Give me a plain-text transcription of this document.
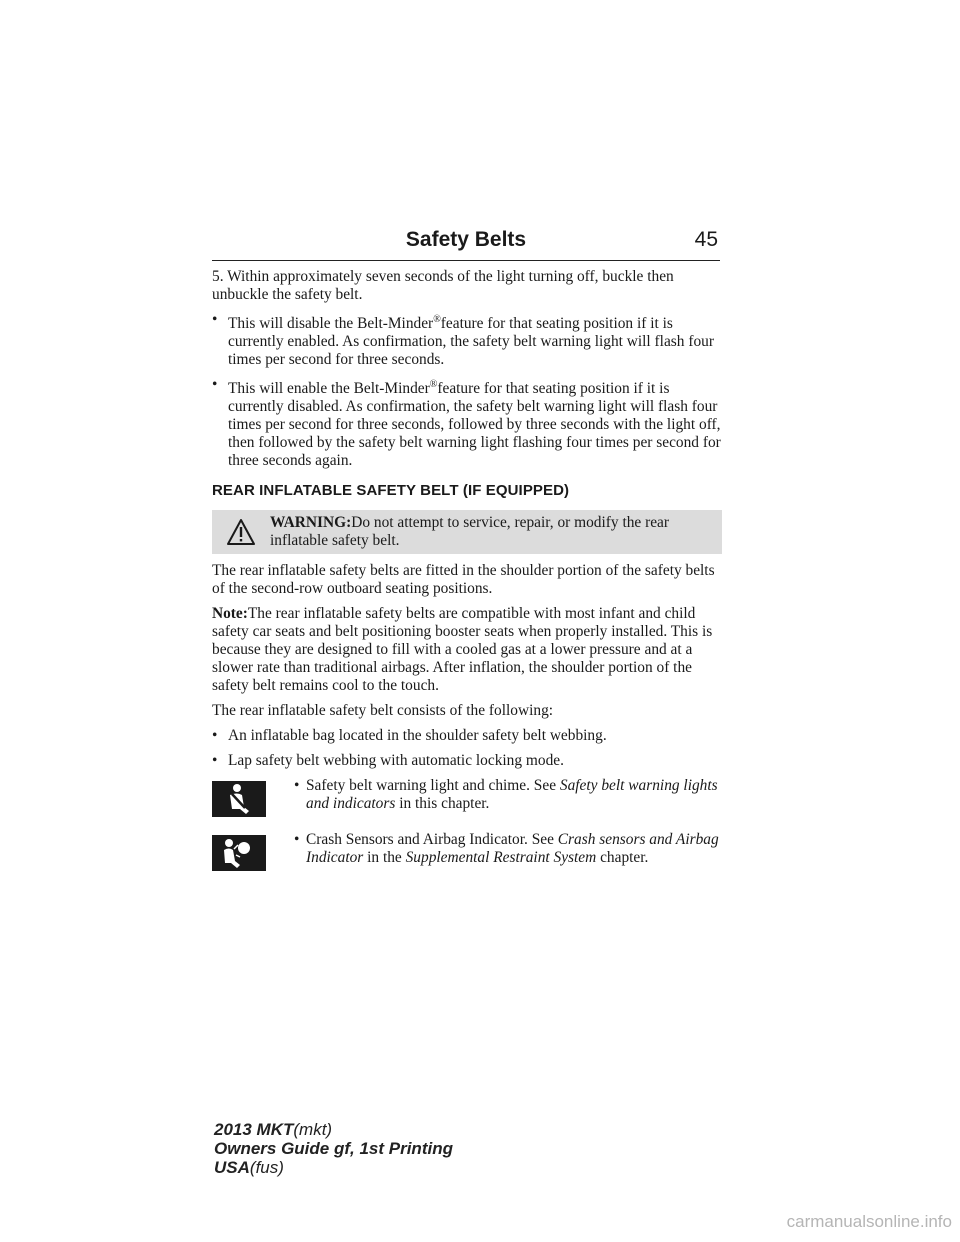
Safety Belts	45

5. Within approximately seven seconds of the light turning off, buckle then unbuckle the safety belt.

• This will disable the Belt-Minder®feature for that seating position if it is currently enabled. As confirmation, the safety belt warning light will flash four times per second for three seconds.
• This will enable the Belt-Minder®feature for that seating position if it is currently disabled. As confirmation, the safety belt warning light will flash four times per second for three seconds, followed by three seconds with the light off, then followed by the safety belt warning light flashing four times per second for three seconds again.
REAR INFLATABLE SAFETY BELT (IF EQUIPPED)
WARNING:Do not attempt to service, repair, or modify the rear inflatable safety belt.

The rear inflatable safety belts are fitted in the shoulder portion of the safety belts of the second-row outboard seating positions.

Note:The rear inflatable safety belts are compatible with most infant and child safety car seats and belt positioning booster seats when properly installed. This is because they are designed to fill with a cooled gas at a lower pressure and at a slower rate than traditional airbags. After inflation, the shoulder portion of the safety belt remains cool to the touch.

The rear inflatable safety belt consists of the following:

• An inflatable bag located in the shoulder safety belt webbing.
• Lap safety belt webbing with automatic locking mode.
• Safety belt warning light and chime. See Safety belt warning lights and indicators in this chapter.
• Crash Sensors and Airbag Indicator. See Crash sensors and Airbag Indicator in the Supplemental Restraint System chapter.
2013 MKT(mkt)
Owners Guide gf, 1st Printing
USA(fus)
carmanualsonline.info
